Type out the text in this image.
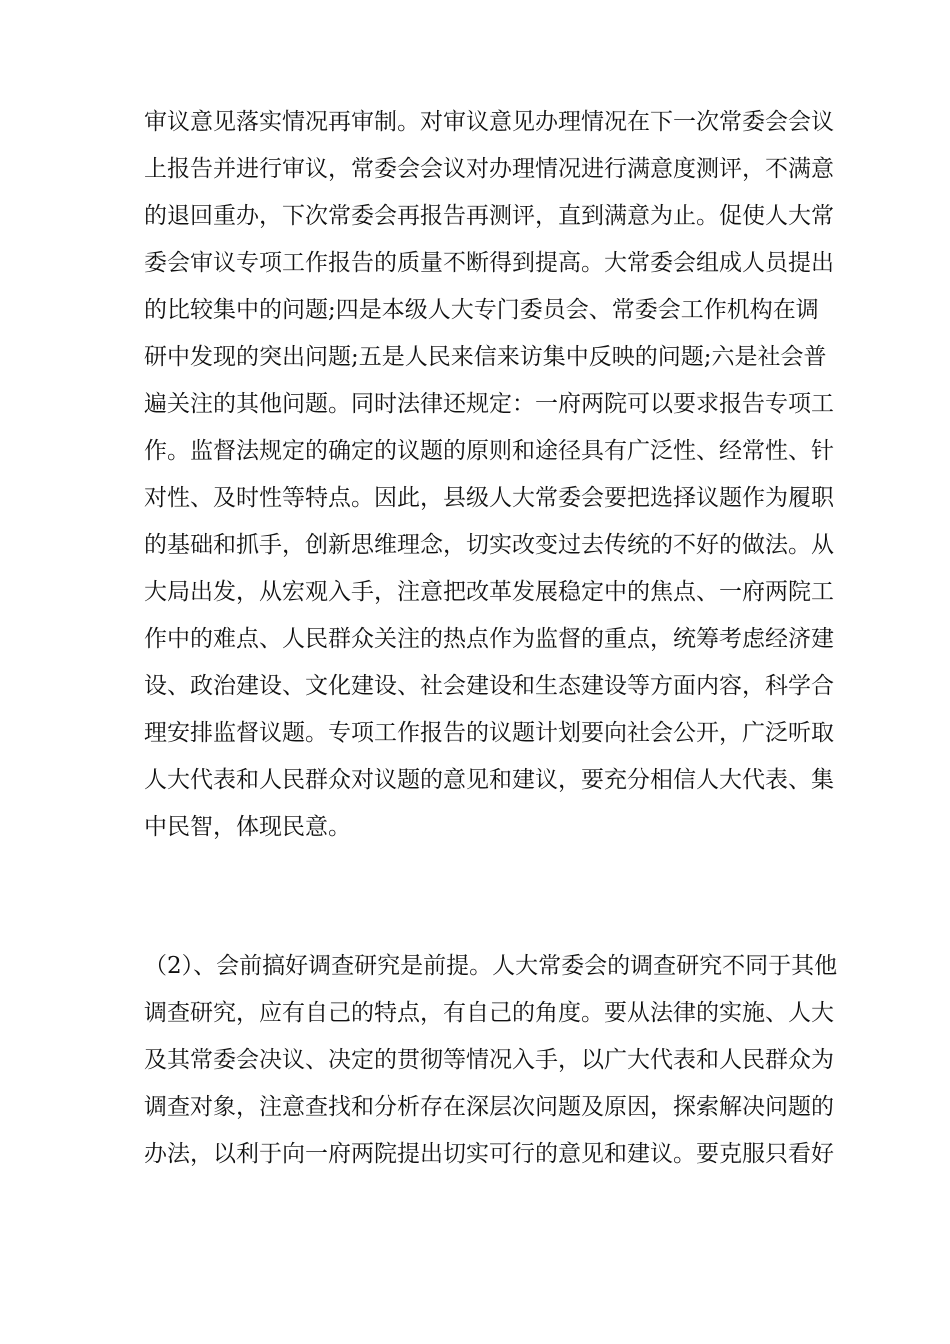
审议意见落实情况再审制。对审议意见办理情况在下一次常委会会议
上报告并进行审议，常委会会议对办理情况进行满意度测评，不满意
的退回重办，下次常委会再报告再测评，直到满意为止。促使人大常
委会审议专项工作报告的质量不断得到提高。大常委会组成人员提出
的比较集中的问题;四是本级人大专门委员会、常委会工作机构在调
研中发现的突出问题;五是人民来信来访集中反映的问题;六是社会普
遍关注的其他问题。同时法律还规定：一府两院可以要求报告专项工
作。监督法规定的确定的议题的原则和途径具有广泛性、经常性、针
对性、及时性等特点。因此，县级人大常委会要把选择议题作为履职
的基础和抓手，创新思维理念，切实改变过去传统的不好的做法。从
大局出发，从宏观入手，注意把改革发展稳定中的焦点、一府两院工
作中的难点、人民群众关注的热点作为监督的重点，统筹考虑经济建
设、政治建设、文化建设、社会建设和生态建设等方面内容，科学合
理安排监督议题。专项工作报告的议题计划要向社会公开，广泛听取
人大代表和人民群众对议题的意见和建议，要充分相信人大代表、集
中民智，体现民意。
（2）、会前搞好调查研究是前提。人大常委会的调查研究不同于其他
调查研究，应有自己的特点，有自己的角度。要从法律的实施、人大
及其常委会决议、决定的贯彻等情况入手，以广大代表和人民群众为
调查对象，注意查找和分析存在深层次问题及原因，探索解决问题的
办法，以利于向一府两院提出切实可行的意见和建议。要克服只看好
